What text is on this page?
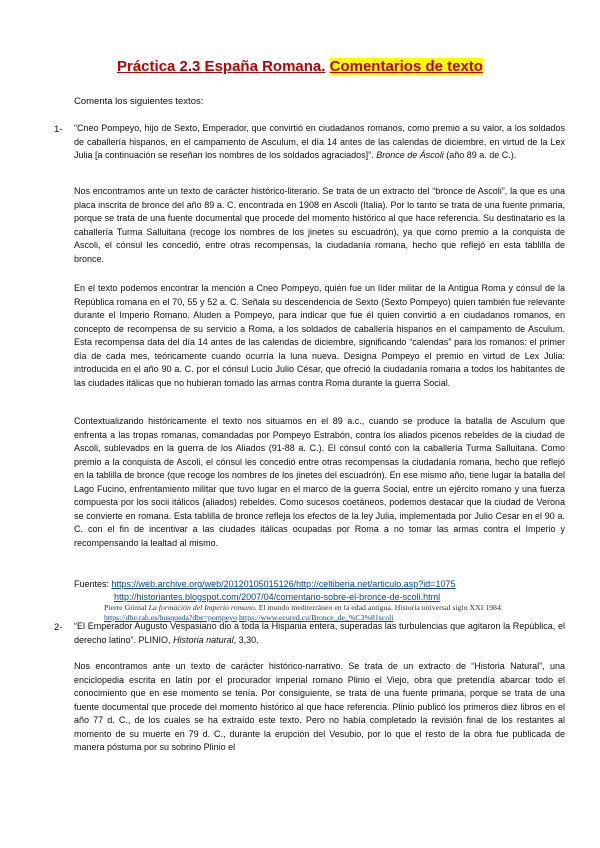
Práctica 2.3 España Romana. Comentarios de texto
Comenta los siguientes textos:
1- “Cneo Pompeyo, hijo de Sexto, Emperador, que convirtió en ciudadanos romanos, como premio a su valor, a los soldados de caballería hispanos, en el campamento de Asculum, el día 14 antes de las calendas de diciembre, en virtud de la Lex Julia [a continuación se reseñan los nombres de los soldados agraciados]”. Bronce de Áscoli (año 89 a. de C.).

Nos encontramos ante un texto de carácter histórico-literario. Se trata de un extracto del “bronce de Ascoli”, la que es una placa inscrita de bronce del año 89 a. C. encontrada en 1908 en Ascoli (Italia). Por lo tanto se trata de una fuente primaria, porque se trata de una fuente documental que procede del momento histórico al que hace referencia. Su destinatario es la caballería Turma Salluitana (recoge los nombres de los jinetes su escuadrón), ya que como premio a la conquista de Ascoli, el cónsul les concedió, entre otras recompensas, la ciudadanía romana, hecho que reflejó en esta tablilla de bronce.

En el texto podemos encontrar la mención a Cneo Pompeyo, quién fue un líder militar de la Antigua Roma y cónsul de la República romana en el 70, 55 y 52 a. C. Señala su descendencia de Sexto (Sexto Pompeyo) quien también fue relevante durante el Imperio Romano. Aluden a Pompeyo, para indicar que fue él quien convirtió a en ciudadanos romanos, en concepto de recompensa de su servicio a Roma, a los soldados de caballería hispanos en el campamento de Asculum. Esta recompensa data del día 14 antes de las calendas de diciembre, significando “calendas” para los romanos: el primer día de cada mes, teóricamente cuando ocurría la luna nueva. Designa Pompeyo el premio en virtud de Lex Julia: introducida en el año 90 a. C. por el cónsul Lucio Julio César, que ofreció la ciudadanía romana a todos los habitantes de las ciudades itálicas que no hubieran tomado las armas contra Roma durante la guerra Social.

Contextualizando históricamente el texto nos situamos en el 89 a.c., cuando se produce la batalla de Asculum que enfrenta a las tropas romanas, comandadas por Pompeyo Estrabón, contra los aliados picenos rebeldes de la ciudad de Ascoli, sublevados en la guerra de los Aliados (91-88 a. C.). El cónsul contó con la caballería Turma Salluitana. Como premio a la conquista de Ascoli, el cónsul les concedió entre otras recompensas la ciudadanía romana, hecho que reflejó en la tablilla de bronce (que recoge los nombres de los jinetes del escuadrón). En ese mismo año, tiene lugar la batalla del Lago Fucino, enfrentamiento militar que tuvo lugar en el marco de la guerra Social, entre un ejército romano y una fuerza compuesta por los socii itálicos (aliados) rebeldes. Como sucesos coetáneos, podemos destacar que la ciudad de Verona se convierte en romana. Esta tablilla de bronce refleja los efectos de la ley Julia, implementada por Julio Cesar en el 90 a. C. con el fin de incentivar a las ciudades itálicas ocupadas por Roma a no tomar las armas contra el Imperio y recompensando la lealtad al mismo.

Fuentes: https://web.archive.org/web/20120105015126/http://celtiberia.net/articulo.asp?id=1075
http://historiantes.blogspot.com/2007/04/comentario-sobre-el-bronce-de-scoli.html
Pierre Grimal La formación del Imperio romano. El mundo mediterráneo en la edad antigua. Historia universal siglo XXI 1984.
https://dbe.rah.es/busqueda?dbe=pompeyo https://www.ecured.cu/Bronce_de_%C3%81scoli
2- “El Emperador Augusto Vespasiano dio a toda la Hispania entera, superadas las turbulencias que agitaron la República, el derecho latino”. PLINIO, Historia natural, 3,30.

Nos encontramos ante un texto de carácter histórico-narrativo. Se trata de un extracto de “Historia Natural”, una enciclopedia escrita en latín por el procurador imperial romano Plinio el Viejo, obra que pretendía abarcar todo el conocimiento que en ese momento se tenía. Por consiguiente, se trata de una fuente primaria, porque se trata de una fuente documental que procede del momento histórico al que hace referencia. Plinio publicó los primeros diez libros en el año 77 d. C., de los cuales se ha extraído este texto. Pero no había completado la revisión final de los restantes al momento de su muerte en 79 d. C., durante la erupción del Vesubio, por lo que el resto de la obra fue publicada de manera póstuma por su sobrino Plinio el
